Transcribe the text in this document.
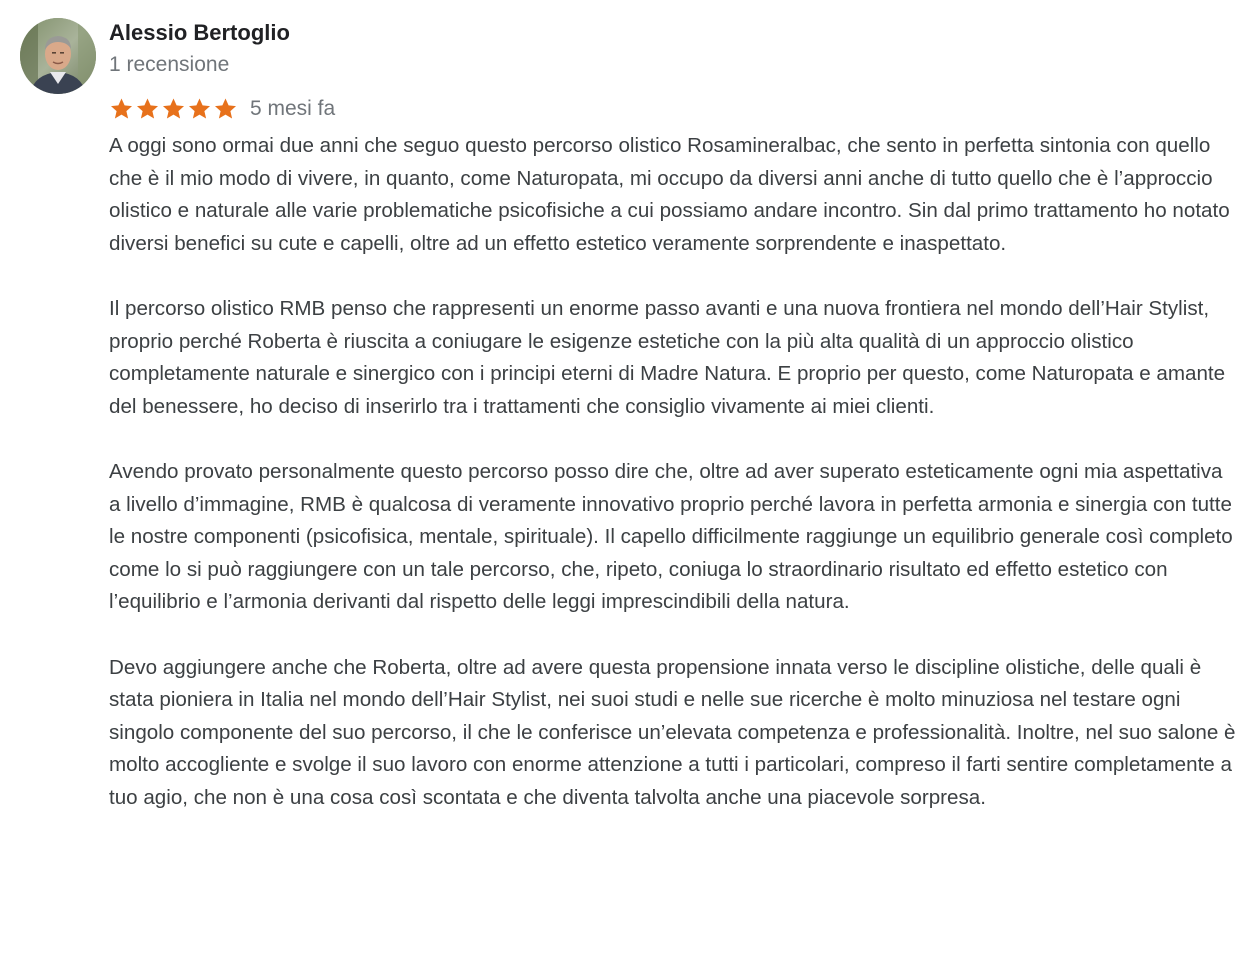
Alessio Bertoglio
1 recensione
5 mesi fa

A oggi sono ormai due anni che seguo questo percorso olistico Rosamineralbac, che sento in perfetta sintonia con quello che è il mio modo di vivere, in quanto, come Naturopata, mi occupo da diversi anni anche di tutto quello che è l’approccio olistico e naturale alle varie problematiche psicofisiche a cui possiamo andare incontro. Sin dal primo trattamento ho notato diversi benefici su cute e capelli, oltre ad un effetto estetico veramente sorprendente e inaspettato.

Il percorso olistico RMB penso che rappresenti un enorme passo avanti e una nuova frontiera nel mondo dell’Hair Stylist, proprio perché Roberta è riuscita a coniugare le esigenze estetiche con la più alta qualità di un approccio olistico completamente naturale e sinergico con i principi eterni di Madre Natura. E proprio per questo, come Naturopata e amante del benessere, ho deciso di inserirlo tra i trattamenti che consiglio vivamente ai miei clienti.

Avendo provato personalmente questo percorso posso dire che, oltre ad aver superato esteticamente ogni mia aspettativa a livello d’immagine, RMB è qualcosa di veramente innovativo proprio perché lavora in perfetta armonia e sinergia con tutte le nostre componenti (psicofisica, mentale, spirituale). Il capello difficilmente raggiunge un equilibrio generale così completo come lo si può raggiungere con un tale percorso, che, ripeto, coniuga lo straordinario risultato ed effetto estetico con l’equilibrio e l’armonia derivanti dal rispetto delle leggi imprescindibili della natura.

Devo aggiungere anche che Roberta, oltre ad avere questa propensione innata verso le discipline olistiche, delle quali è stata pioniera in Italia nel mondo dell’Hair Stylist, nei suoi studi e nelle sue ricerche è molto minuziosa nel testare ogni singolo componente del suo percorso, il che le conferisce un’elevata competenza e professionalità. Inoltre, nel suo salone è molto accogliente e svolge il suo lavoro con enorme attenzione a tutti i particolari, compreso il farti sentire completamente a tuo agio, che non è una cosa così scontata e che diventa talvolta anche una piacevole sorpresa.
